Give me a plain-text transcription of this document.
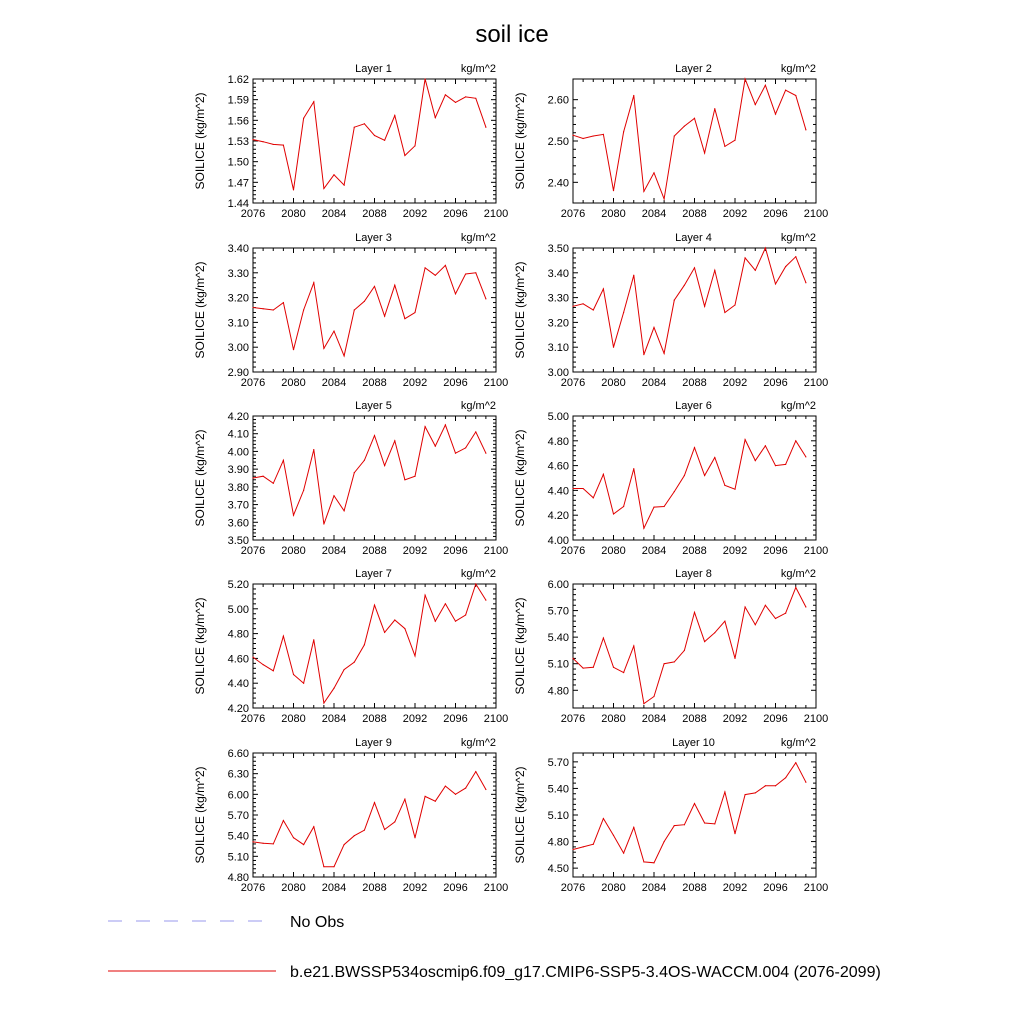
soil ice
Layer 1	kg/m^2
SOILICE (kg/m^2)
2076 2080 2084 2088 2092 2096 2100
1.44
1.47
1.50
1.53
1.56
1.59
1.62
Layer 2	kg/m^2
SOILICE (kg/m^2)
2076 2080 2084 2088 2092 2096 2100
2.40
2.50
2.60
Layer 3	kg/m^2
SOILICE (kg/m^2)
2076 2080 2084 2088 2092 2096 2100
2.90
3.00
3.10
3.20
3.30
3.40
Layer 4	kg/m^2
SOILICE (kg/m^2)
2076 2080 2084 2088 2092 2096 2100
3.00
3.10
3.20
3.30
3.40
3.50
Layer 5	kg/m^2
SOILICE (kg/m^2)
2076 2080 2084 2088 2092 2096 2100
3.50
3.60
3.70
3.80
3.90
4.00
4.10
4.20
Layer 6	kg/m^2
SOILICE (kg/m^2)
2076 2080 2084 2088 2092 2096 2100
4.00
4.20
4.40
4.60
4.80
5.00
Layer 7	kg/m^2
SOILICE (kg/m^2)
2076 2080 2084 2088 2092 2096 2100
4.20
4.40
4.60
4.80
5.00
5.20
Layer 8	kg/m^2
SOILICE (kg/m^2)
2076 2080 2084 2088 2092 2096 2100
4.80
5.10
5.40
5.70
6.00
Layer 9	kg/m^2
SOILICE (kg/m^2)
2076 2080 2084 2088 2092 2096 2100
4.80
5.10
5.40
5.70
6.00
6.30
6.60
Layer 10	kg/m^2
SOILICE (kg/m^2)
2076 2080 2084 2088 2092 2096 2100
4.50
4.80
5.10
5.40
5.70
No Obs
b.e21.BWSSP534oscmip6.f09_g17.CMIP6-SSP5-3.4OS-WACCM.004 (2076-2099)
